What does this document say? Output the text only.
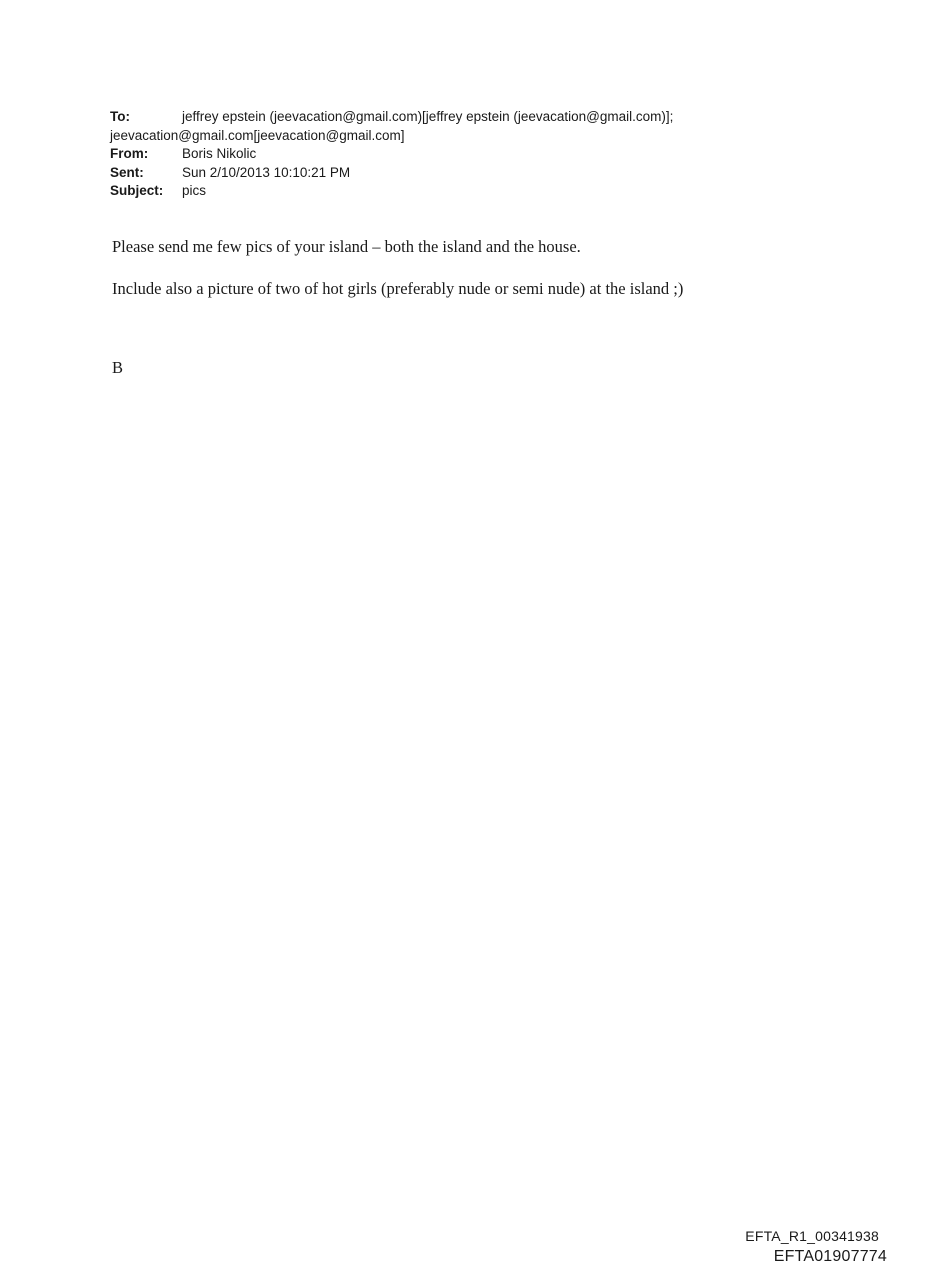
To:	jeffrey epstein (jeevacation@gmail.com)[jeffrey epstein (jeevacation@gmail.com)];
jeevacation@gmail.com[jeevacation@gmail.com]
From:	Boris Nikolic
Sent:	Sun 2/10/2013 10:10:21 PM
Subject:	pics

Please send me few pics of your island – both the island and the house.

Include also a picture of two of hot girls (preferably nude or semi nude) at the island ;)

B
EFTA_R1_00341938
EFTA01907774
